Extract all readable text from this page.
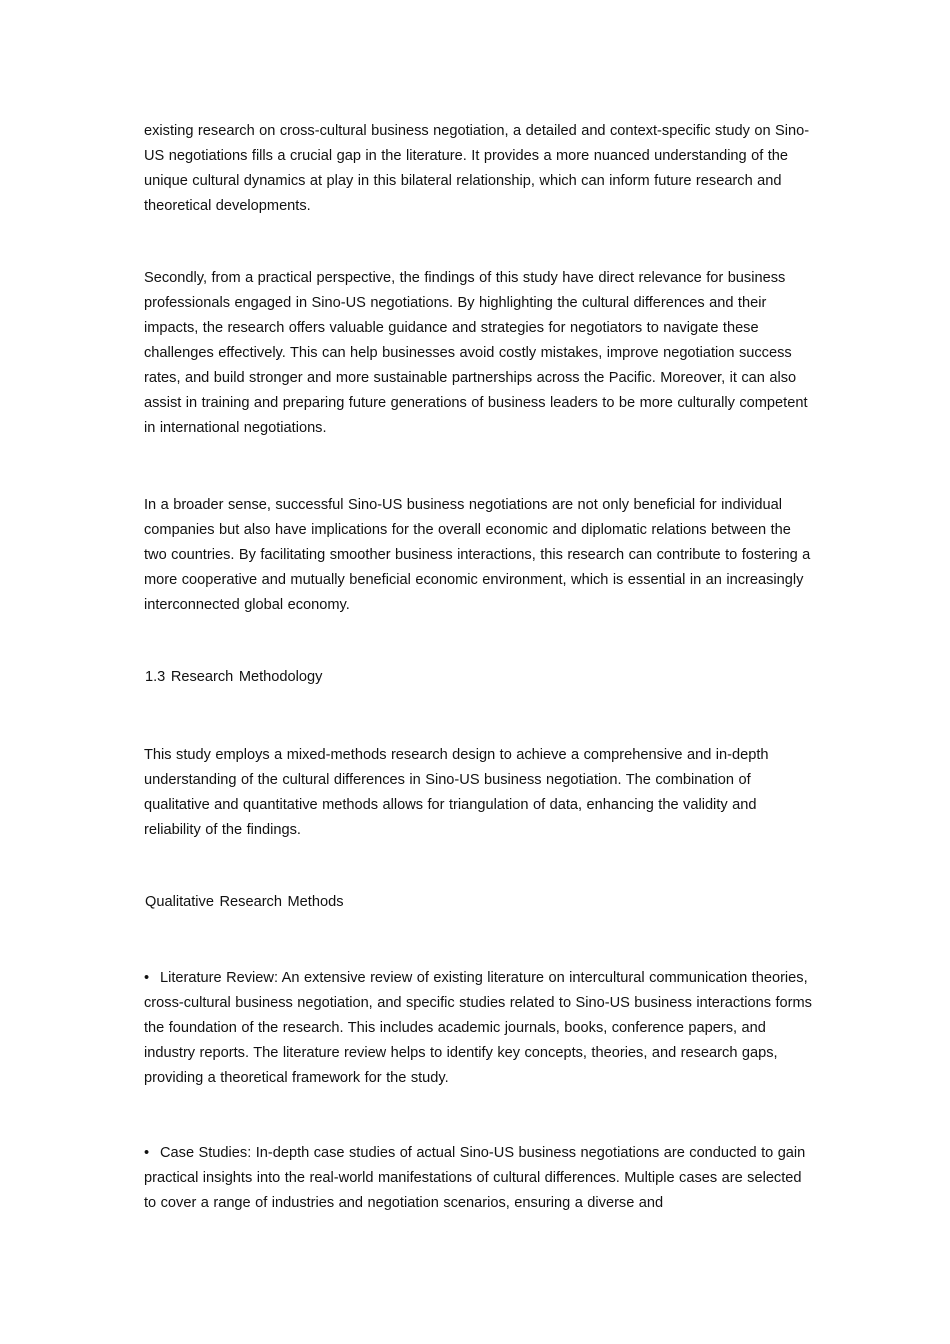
existing research on cross-cultural business negotiation, a detailed and context-specific study on Sino-US negotiations fills a crucial gap in the literature. It provides a more nuanced understanding of the unique cultural dynamics at play in this bilateral relationship, which can inform future research and theoretical developments.

Secondly, from a practical perspective, the findings of this study have direct relevance for business professionals engaged in Sino-US negotiations. By highlighting the cultural differences and their impacts, the research offers valuable guidance and strategies for negotiators to navigate these challenges effectively. This can help businesses avoid costly mistakes, improve negotiation success rates, and build stronger and more sustainable partnerships across the Pacific. Moreover, it can also assist in training and preparing future generations of business leaders to be more culturally competent in international negotiations.

In a broader sense, successful Sino-US business negotiations are not only beneficial for individual companies but also have implications for the overall economic and diplomatic relations between the two countries. By facilitating smoother business interactions, this research can contribute to fostering a more cooperative and mutually beneficial economic environment, which is essential in an increasingly interconnected global economy.

1.3 Research Methodology

This study employs a mixed-methods research design to achieve a comprehensive and in-depth understanding of the cultural differences in Sino-US business negotiation. The combination of qualitative and quantitative methods allows for triangulation of data, enhancing the validity and reliability of the findings.

Qualitative Research Methods
• Literature Review: An extensive review of existing literature on intercultural communication theories, cross-cultural business negotiation, and specific studies related to Sino-US business interactions forms the foundation of the research. This includes academic journals, books, conference papers, and industry reports. The literature review helps to identify key concepts, theories, and research gaps, providing a theoretical framework for the study.
• Case Studies: In-depth case studies of actual Sino-US business negotiations are conducted to gain practical insights into the real-world manifestations of cultural differences. Multiple cases are selected to cover a range of industries and negotiation scenarios, ensuring a diverse and
